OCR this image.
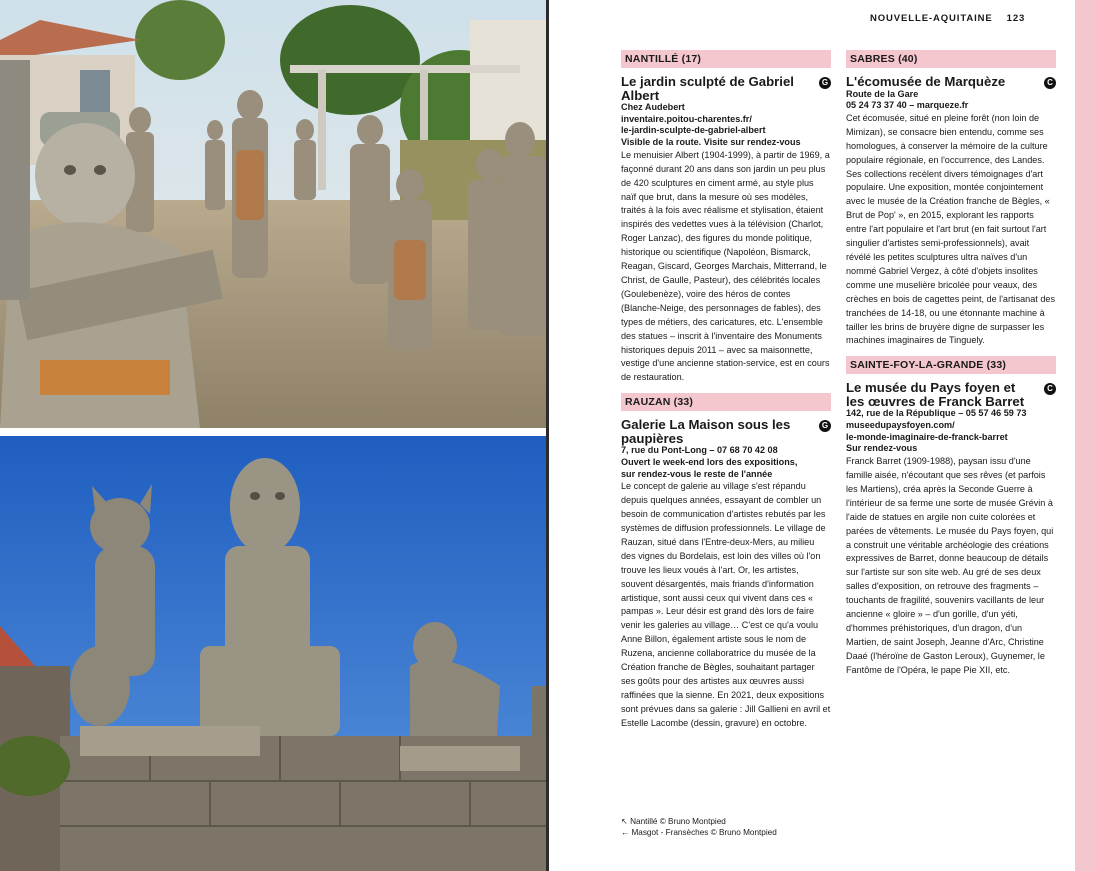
NOUVELLE-AQUITAINE 123
NANTILLÉ (17)
Le jardin sculpté de Gabriel Albert
G
Chez Audebert
inventaire.poitou-charentes.fr/
le-jardin-sculpte-de-gabriel-albert
Visible de la route. Visite sur rendez-vous

Le menuisier Albert (1904-1999), à partir de 1969, a façonné durant 20 ans dans son jardin un peu plus de 420 sculptures en ciment armé, au style plus naïf que brut, dans la mesure où ses modèles, traités à la fois avec réalisme et stylisation, étaient inspirés des vedettes vues à la télévision (Charlot, Roger Lanzac), des figures du monde politique, historique ou scientifique (Napoléon, Bismarck, Reagan, Giscard, Georges Marchais, Mitterrand, le Christ, de Gaulle, Pasteur), des célébrités locales (Goulebenèze), voire des héros de contes (Blanche-Neige, des personnages de fables), des types de métiers, des caricatures, etc. L'ensemble des statues – inscrit à l'inventaire des Monuments historiques depuis 2011 – avec sa maisonnette, vestige d'une ancienne station-service, est en cours de restauration.

RAUZAN (33)
Galerie La Maison sous les paupières
G
7, rue du Pont-Long – 07 68 70 42 08
Ouvert le week-end lors des expositions,
sur rendez-vous le reste de l'année

Le concept de galerie au village s'est répandu depuis quelques années, essayant de combler un besoin de communication d'artistes rebutés par les systèmes de diffusion professionnels. Le village de Rauzan, situé dans l'Entre-deux-Mers, au milieu des vignes du Bordelais, est loin des villes où l'on trouve les lieux voués à l'art. Or, les artistes, souvent désargentés, mais friands d'information artistique, sont aussi ceux qui vivent dans ces « pampas ». Leur désir est grand dès lors de faire venir les galeries au village… C'est ce qu'a voulu Anne Billon, également artiste sous le nom de Ruzena, ancienne collaboratrice du musée de la Création franche de Bègles, souhaitant partager ses goûts pour des artistes aux œuvres aussi raffinées que la sienne. En 2021, deux expositions sont prévues dans sa galerie : Jill Gallieni en avril et Estelle Lacombe (dessin, gravure) en octobre.

SABRES (40)
L'écomusée de Marquèze	C
Route de la Gare
05 24 73 37 40 – marqueze.fr

Cet écomusée, situé en pleine forêt (non loin de Mimizan), se consacre bien entendu, comme ses homologues, à conserver la mémoire de la culture populaire régionale, en l'occurrence, des Landes. Ses collections recèlent divers témoignages d'art populaire. Une exposition, montée conjointement avec le musée de la Création franche de Bègles, « Brut de Pop' », en 2015, explorant les rapports entre l'art populaire et l'art brut (en fait surtout l'art singulier d'artistes semi-professionnels), avait révélé les petites sculptures ultra naïves d'un nommé Gabriel Vergez, à côté d'objets insolites comme une muselière bricolée pour veaux, des crèches en bois de cagettes peint, de l'artisanat des tranchées de 14-18, ou une étonnante machine à tailler les brins de bruyère digne de surpasser les machines imaginaires de Tinguely.

SAINTE-FOY-LA-GRANDE (33)
Le musée du Pays foyen et les œuvres de Franck Barret
C
142, rue de la République – 05 57 46 59 73
museedupaysfoyen.com/
le-monde-imaginaire-de-franck-barret
Sur rendez-vous

Franck Barret (1909-1988), paysan issu d'une famille aisée, n'écoutant que ses rêves (et parfois les Martiens), créa après la Seconde Guerre à l'intérieur de sa ferme une sorte de musée Grévin à l'aide de statues en argile non cuite colorées et parées de vêtements. Le musée du Pays foyen, qui a construit une véritable archéologie des créations expressives de Barret, donne beaucoup de détails sur l'artiste sur son site web. Au gré de ses deux salles d'exposition, on retrouve des fragments – touchants de fragilité, souvenirs vacillants de leur ancienne « gloire » – d'un gorille, d'un yéti, d'hommes préhistoriques, d'un dragon, d'un Martien, de saint Joseph, Jeanne d'Arc, Christine Daaé (l'héroïne de Gaston Leroux), Guynemer, le Fantôme de l'Opéra, le pape Pie XII, etc.

↖ Nantillé © Bruno Montpied
← Masgot - Fransèches © Bruno Montpied
